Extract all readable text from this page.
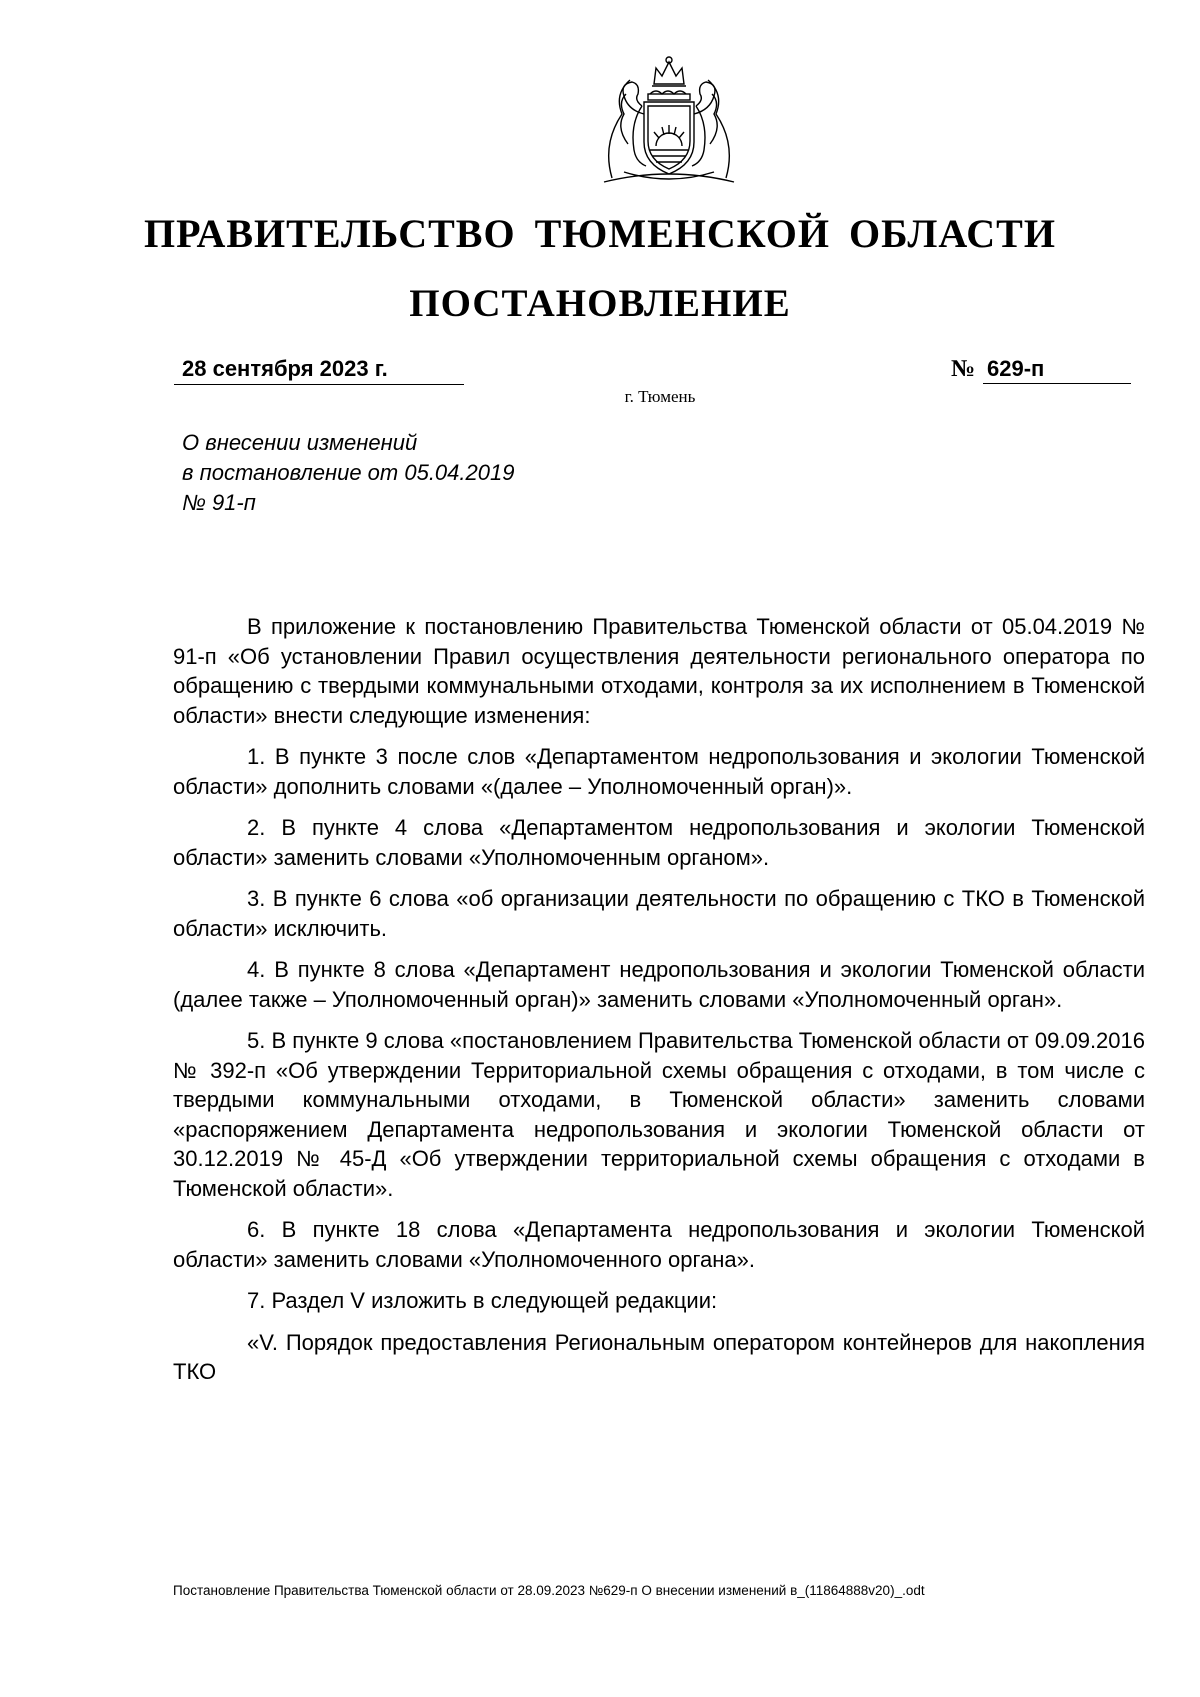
ПРАВИТЕЛЬСТВО ТЮМЕНСКОЙ ОБЛАСТИ
ПОСТАНОВЛЕНИЕ
28 сентября 2023 г.	№ 629-п
г. Тюмень
О внесении изменений
в постановление от 05.04.2019
№ 91-п

В приложение к постановлению Правительства Тюменской области от 05.04.2019 № 91-п «Об установлении Правил осуществления деятельности регионального оператора по обращению с твердыми коммунальными отходами, контроля за их исполнением в Тюменской области» внести следующие изменения:

1. В пункте 3 после слов «Департаментом недропользования и экологии Тюменской области» дополнить словами «(далее – Уполномоченный орган)».

2. В пункте 4 слова «Департаментом недропользования и экологии Тюменской области» заменить словами «Уполномоченным органом».

3. В пункте 6 слова «об организации деятельности по обращению с ТКО в Тюменской области» исключить.

4. В пункте 8 слова «Департамент недропользования и экологии Тюменской области (далее также – Уполномоченный орган)» заменить словами «Уполномоченный орган».

5. В пункте 9 слова «постановлением Правительства Тюменской области от 09.09.2016 № 392-п «Об утверждении Территориальной схемы обращения с отходами, в том числе с твердыми коммунальными отходами, в Тюменской области» заменить словами «распоряжением Департамента недропользования и экологии Тюменской области от 30.12.2019 № 45-Д «Об утверждении территориальной схемы обращения с отходами в Тюменской области».

6. В пункте 18 слова «Департамента недропользования и экологии Тюменской области» заменить словами «Уполномоченного органа».

7. Раздел V изложить в следующей редакции:

«V. Порядок предоставления Региональным оператором контейнеров для накопления ТКО

Постановление Правительства Тюменской области от 28.09.2023 №629-п О внесении изменений в_(11864888v20)_.odt
